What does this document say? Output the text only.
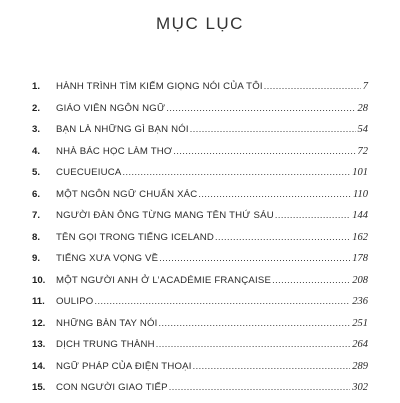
MỤC LỤC
1.	HÀNH TRÌNH TÌM KIẾM GIỌNG NÓI CỦA TÔI .....	7
2.	GIÁO VIÊN NGÔN NGỮ .....	28
3.	BẠN LÀ NHỮNG GÌ BẠN NÓI .....	54
4.	NHÀ BÁC HỌC LÀM THƠ .....	72
5.	CUECUEIUCA .....	101
6.	MỘT NGÔN NGỮ CHUẨN XÁC .....	110
7.	NGƯỜI ĐÀN ÔNG TỪNG MANG TÊN THỨ SÁU .....	144
8.	TÊN GỌI TRONG TIẾNG ICELAND .....	162
9.	TIẾNG XƯA VỌNG VỀ .....	178
10.	MỘT NGƯỜI ANH Ở L’ACADÉMIE FRANÇAISE .....	208
11.	OULIPO .....	236
12.	NHỮNG BÀN TAY NÓI .....	251
13.	DỊCH TRUNG THÀNH .....	264
14.	NGỮ PHÁP CỦA ĐIỆN THOẠI .....	289
15.	CON NGƯỜI GIAO TIẾP .....	302
